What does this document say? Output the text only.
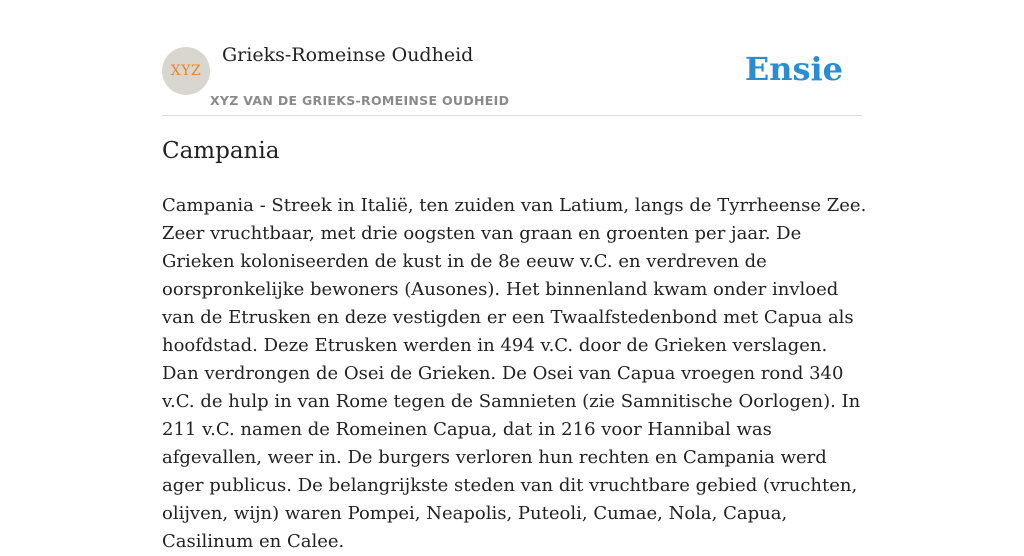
XYZ
Grieks-Romeinse Oudheid
XYZ VAN DE GRIEKS-ROMEINSE OUDHEID
Ensie
Campania

Campania - Streek in Italië, ten zuiden van Latium, langs de Tyrrheense Zee. Zeer vruchtbaar, met drie oogsten van graan en groenten per jaar. De Grieken koloniseerden de kust in de 8e eeuw v.C. en verdreven de oorspronkelijke bewoners (Ausones). Het binnenland kwam onder invloed van de Etrusken en deze vestigden er een Twaalfstedenbond met Capua als hoofdstad. Deze Etrusken werden in 494 v.C. door de Grieken verslagen. Dan verdrongen de Osei de Grieken. De Osei van Capua vroegen rond 340 v.C. de hulp in van Rome tegen de Samnieten (zie Samnitische Oorlogen). In 211 v.C. namen de Romeinen Capua, dat in 216 voor Hannibal was afgevallen, weer in. De burgers verloren hun rechten en Campania werd ager publicus. De belangrijkste steden van dit vruchtbare gebied (vruchten, olijven, wijn) waren Pompei, Neapolis, Puteoli, Cumae, Nola, Capua, Casilinum en Calee.
